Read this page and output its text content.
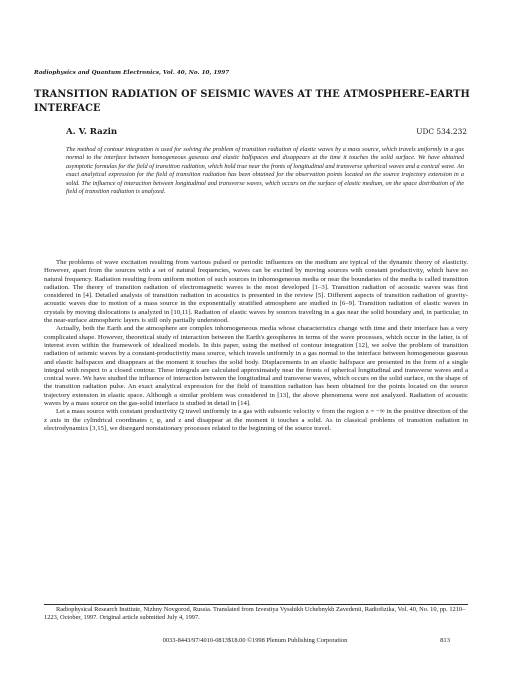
Radiophysics and Quantum Electronics, Vol. 40, No. 10, 1997
TRANSITION RADIATION OF SEISMIC WAVES AT THE ATMOSPHERE–EARTH INTERFACE
A. V. Razin	UDC 534.232

The method of contour integration is used for solving the problem of transition radiation of elastic waves by a mass source, which travels uniformly in a gas normal to the interface between homogeneous gaseous and elastic halfspaces and disappears at the time it touches the solid surface. We have obtained asymptotic formulas for the field of transition radiation, which hold true near the fronts of longitudinal and transverse spherical waves and a conical wave. An exact analytical expression for the field of transition radiation has been obtained for the observation points located on the source trajectory extension in a solid. The influence of interaction between longitudinal and transverse waves, which occurs on the surface of elastic medium, on the space distribution of the field of transition radiation is analyzed.

The problems of wave excitation resulting from various pulsed or periodic influences on the medium are typical of the dynamic theory of elasticity. However, apart from the sources with a set of natural frequencies, waves can be excited by moving sources with constant productivity, which have no natural frequency. Radiation resulting from uniform motion of such sources in inhomogeneous media or near the boundaries of the media is called transition radiation. The theory of transition radiation of electromagnetic waves is the most developed [1–3]. Transition radiation of acoustic waves was first considered in [4]. Detailed analysis of transition radiation in acoustics is presented in the review [5]. Different aspects of transition radiation of gravity-acoustic waves due to motion of a mass source in the exponentially stratified atmosphere are studied in [6–9]. Transition radiation of elastic waves in crystals by moving dislocations is analyzed in [10,11]. Radiation of elastic waves by sources traveling in a gas near the solid boundary and, in particular, in the near-surface atmospheric layers is still only partially understood.

Actually, both the Earth and the atmosphere are complex inhomogeneous media whose characteristics change with time and their interface has a very complicated shape. However, theoretical study of interaction between the Earth's geospheres in terms of the wave processes, which occur in the latter, is of interest even within the framework of idealized models. In this paper, using the method of contour integration [12], we solve the problem of transition radiation of seismic waves by a constant-productivity mass source, which travels uniformly in a gas normal to the interface between homogeneous gaseous and elastic halfspaces and disappears at the moment it touches the solid body. Displacements in an elastic halfspace are presented in the form of a single integral with respect to a closed contour. These integrals are calculated approximately near the fronts of spherical longitudinal and transverse waves and a conical wave. We have studied the influence of interaction between the longitudinal and transverse waves, which occurs on the solid surface, on the shape of the transition radiation pulse. An exact analytical expression for the field of transition radiation has been obtained for the points located on the source trajectory extension in elastic space. Although a similar problem was considered in [13], the above phenomena were not analyzed. Radiation of acoustic waves by a mass source on the gas-solid interface is studied in detail in [14].

Let a mass source with constant productivity Q travel uniformly in a gas with subsonic velocity v from the region z = −∞ in the positive direction of the z axis in the cylindrical coordinates r, φ, and z and disappear at the moment it touches a solid. As in classical problems of transition radiation in electrodynamics [3,15], we disregard nonstationary processes related to the beginning of the source travel.

Radiophysical Research Institute, Nizhny Novgorod, Russia. Translated from Izvestiya Vysshikh Uchebnykh Zavedenii, Radiofizika, Vol. 40, No. 10, pp. 1210–1223, October, 1997. Original article submitted July 4, 1997.

0033-8443/97/4010-0813$18.00 ©1998 Plenum Publishing Corporation	813
